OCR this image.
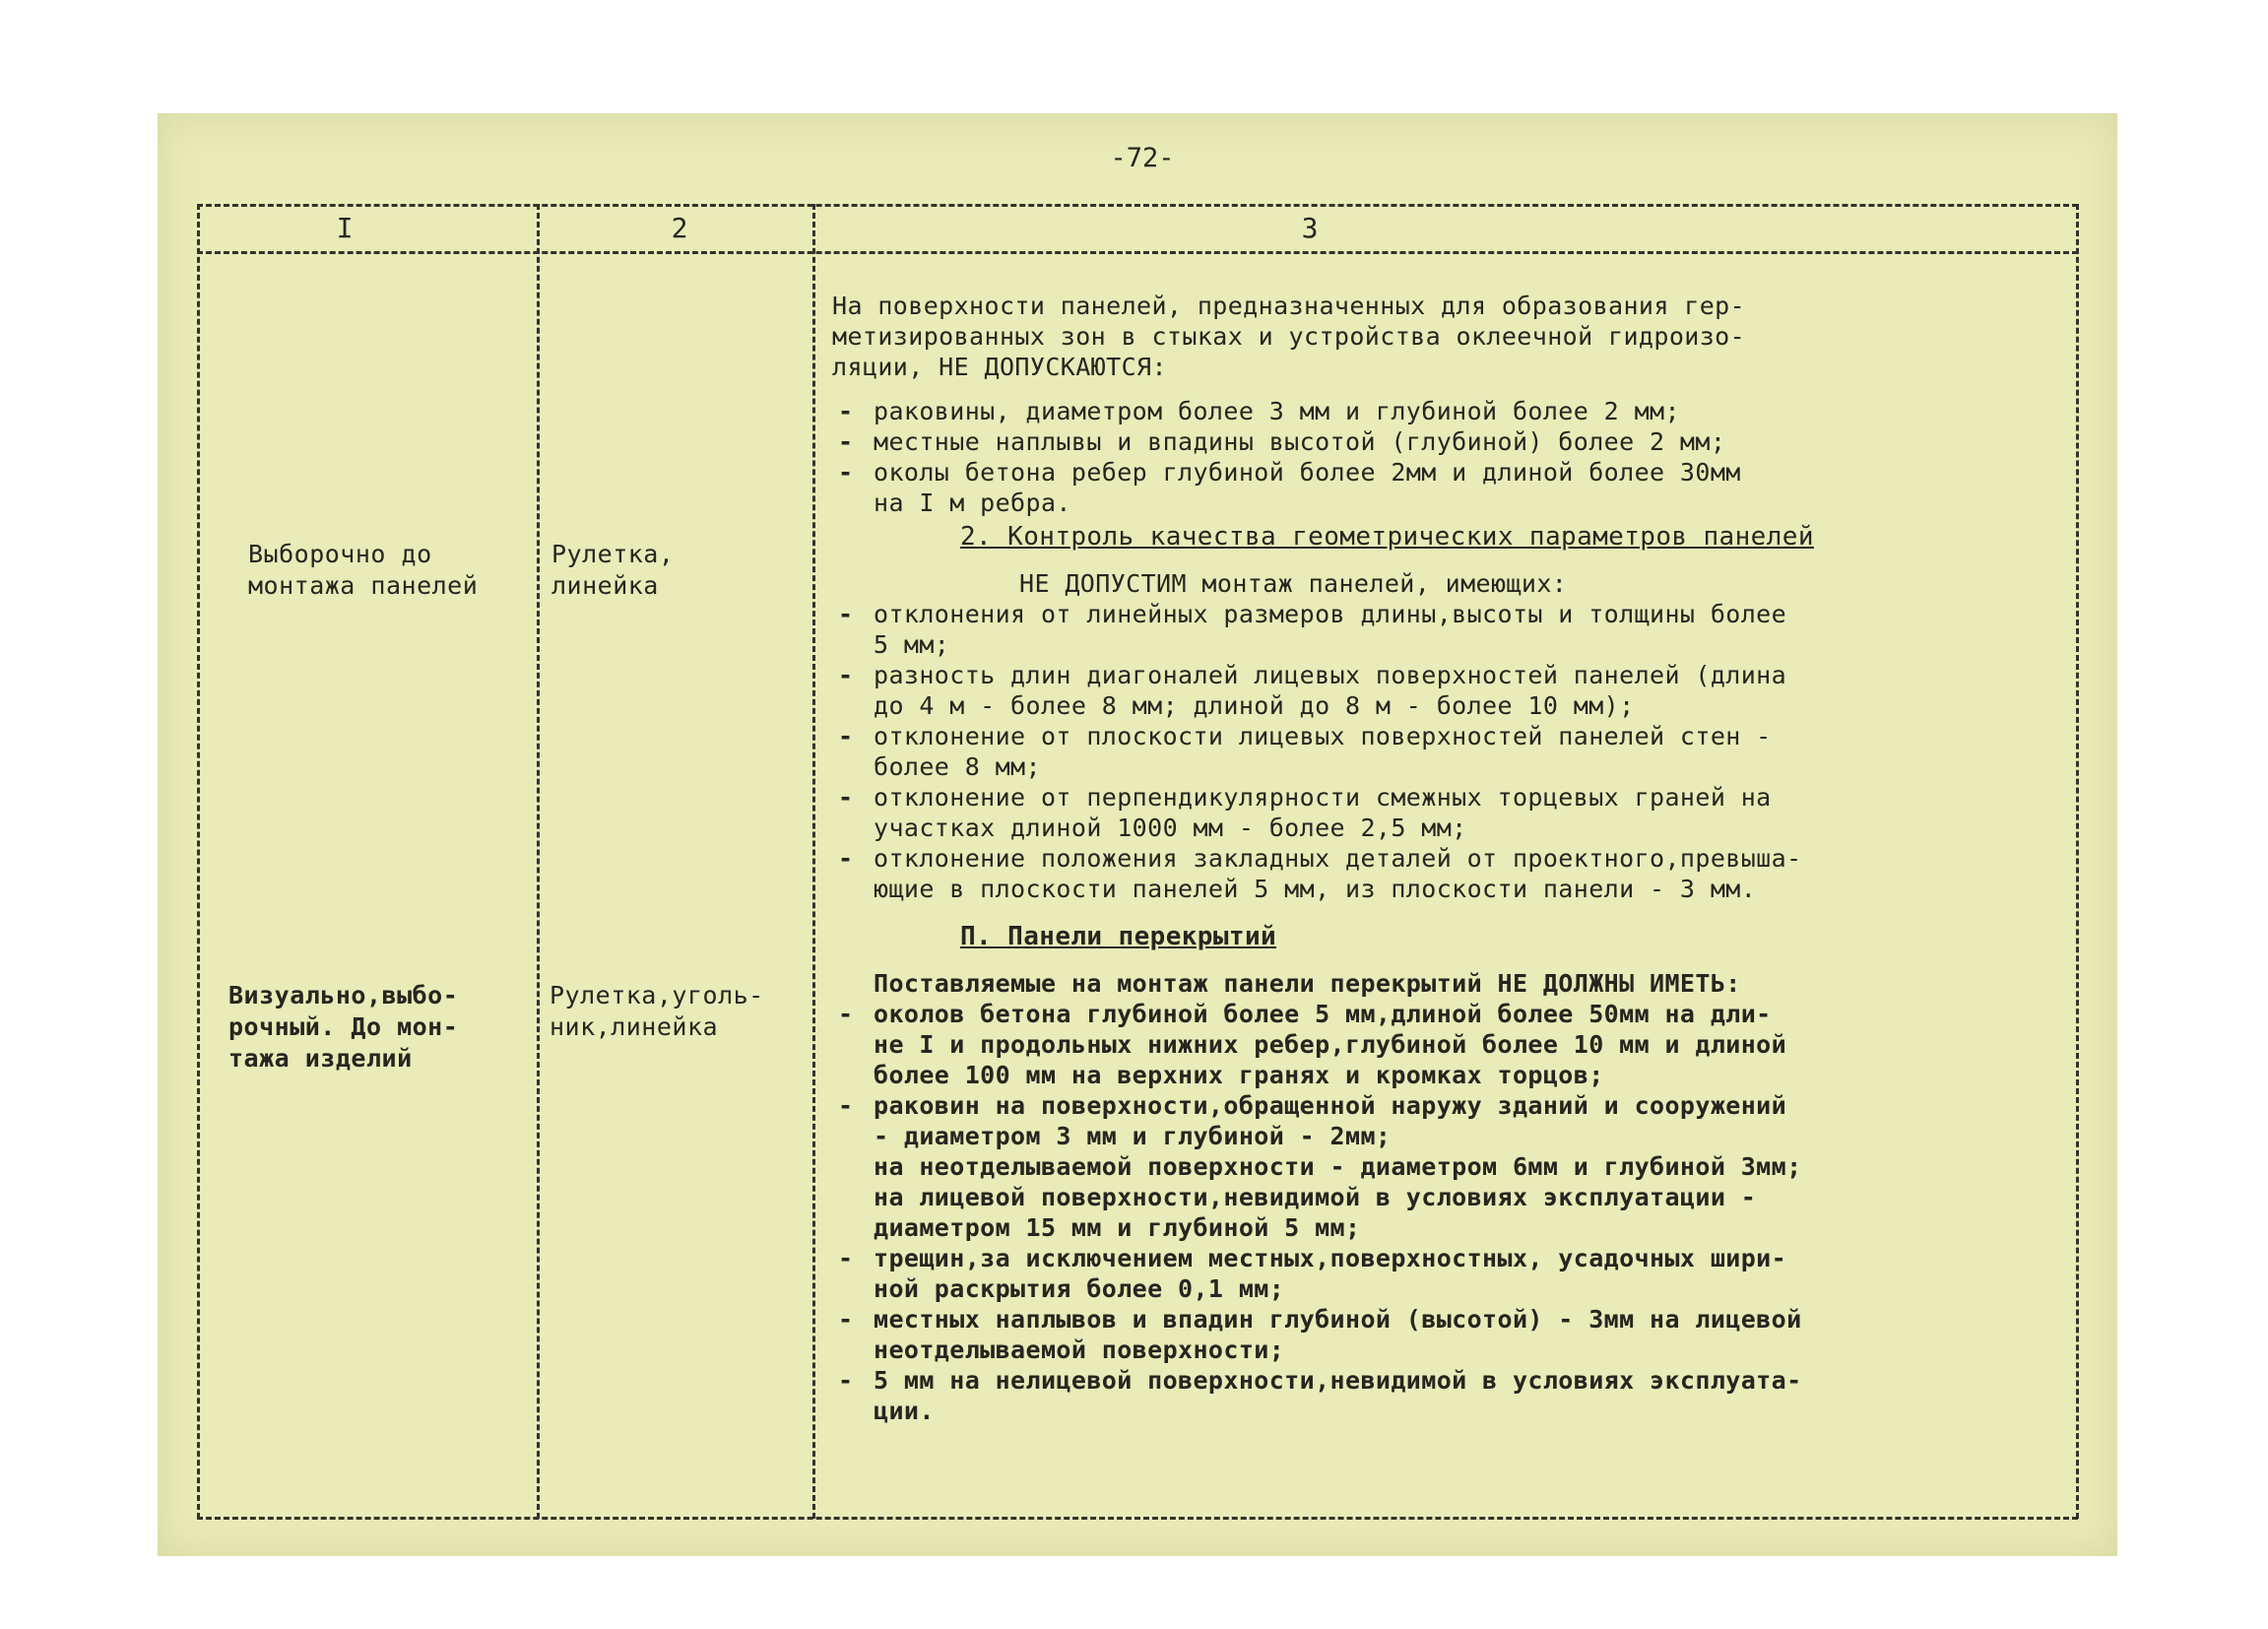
-72-
I	2	3
Выборочно до
монтажа панелей
Рулетка,
линейка
Визуально,выбо-
рочный. До мон-
тажа изделий
Рулетка,уголь-
ник,линейка

На поверхности панелей, предназначенных для образования гер-
метизированных зон в стыках и устройства оклеечной гидроизо-
ляции, НЕ ДОПУСКАЮТСЯ:

- раковины, диаметром более 3 мм и глубиной более 2 мм;

- местные наплывы и впадины высотой (глубиной) более 2 мм;

- околы бетона ребер глубиной более 2мм и длиной более 30мм
на I м ребра.

2. Контроль качества геометрических параметров панелей

НЕ ДОПУСТИМ монтаж панелей, имеющих:

- отклонения от линейных размеров длины,высоты и толщины более
5 мм;

- разность длин диагоналей лицевых поверхностей панелей (длина
до 4 м - более 8 мм; длиной до 8 м - более 10 мм);

- отклонение от плоскости лицевых поверхностей панелей стен -
более 8 мм;

- отклонение от перпендикулярности смежных торцевых граней на
участках длиной 1000 мм - более 2,5 мм;

- отклонение положения закладных деталей от проектного,превыша-
ющие в плоскости панелей 5 мм, из плоскости панели - 3 мм.

П. Панели перекрытий

Поставляемые на монтаж панели перекрытий НЕ ДОЛЖНЫ ИМЕТЬ:

- околов бетона глубиной более 5 мм,длиной более 50мм на дли-
не I и продольных нижних ребер,глубиной более 10 мм и длиной
более 100 мм на верхних гранях и кромках торцов;

- раковин на поверхности,обращенной наружу зданий и сооружений
- диаметром 3 мм и глубиной - 2мм;

на неотделываемой поверхности - диаметром 6мм и глубиной 3мм;
на лицевой поверхности,невидимой в условиях эксплуатации -
диаметром 15 мм и глубиной 5 мм;

- трещин,за исключением местных,поверхностных, усадочных шири-
ной раскрытия более 0,1 мм;

- местных наплывов и впадин глубиной (высотой) - 3мм на лицевой
неотделываемой поверхности;

- 5 мм на нелицевой поверхности,невидимой в условиях эксплуата-
ции.
